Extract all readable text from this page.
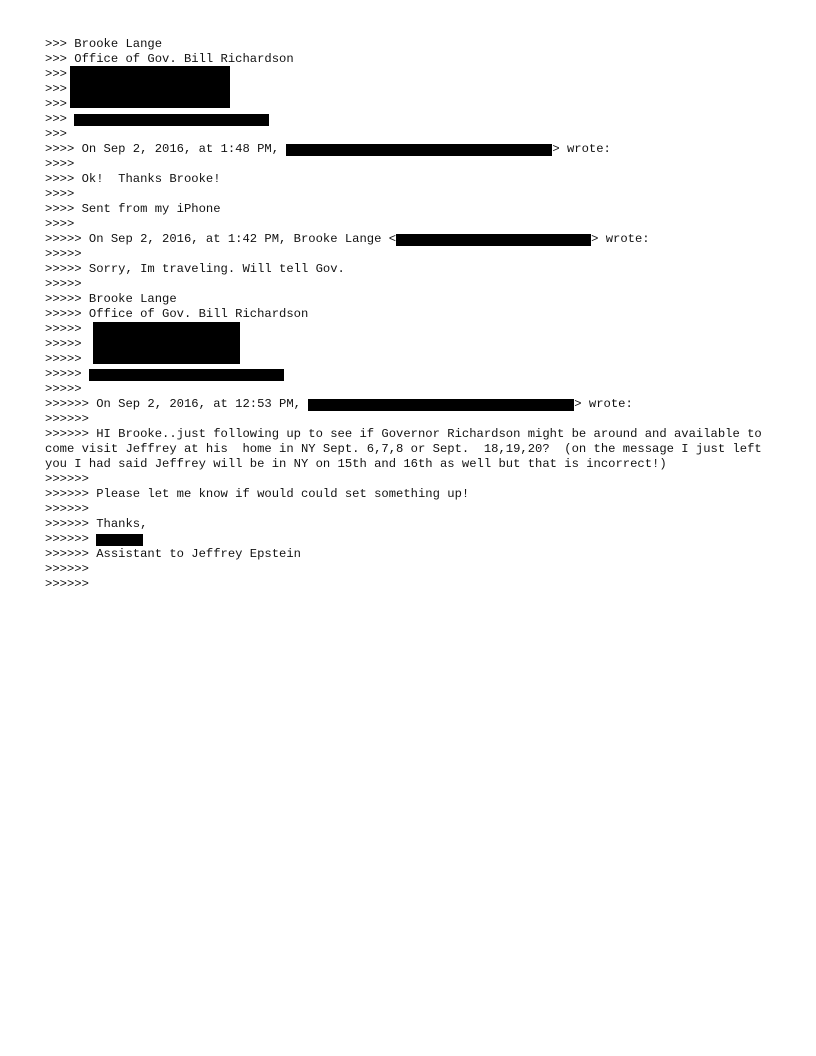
>>> Brooke Lange
>>> Office of Gov. Bill Richardson
>>>
>>>
>>>
>>>
>>>
>>>> On Sep 2, 2016, at 1:48 PM,	> wrote:
>>>>
>>>> Ok!  Thanks Brooke!
>>>>
>>>> Sent from my iPhone
>>>>
>>>>> On Sep 2, 2016, at 1:42 PM, Brooke Lange <	> wrote:
>>>>>
>>>>> Sorry, Im traveling. Will tell Gov.
>>>>>
>>>>> Brooke Lange
>>>>> Office of Gov. Bill Richardson
>>>>>
>>>>>
>>>>>
>>>>>
>>>>>
>>>>>> On Sep 2, 2016, at 12:53 PM,	> wrote:
>>>>>>
>>>>>> HI Brooke..just following up to see if Governor Richardson might be around and available to come visit Jeffrey at his  home in NY Sept. 6,7,8 or Sept.  18,19,20?  (on the message I just left you I had said Jeffrey will be in NY on 15th and 16th as well but that is incorrect!)
>>>>>>
>>>>>> Please let me know if would could set something up!
>>>>>>
>>>>>> Thanks,
>>>>>>
>>>>>> Assistant to Jeffrey Epstein
>>>>>>
>>>>>>
